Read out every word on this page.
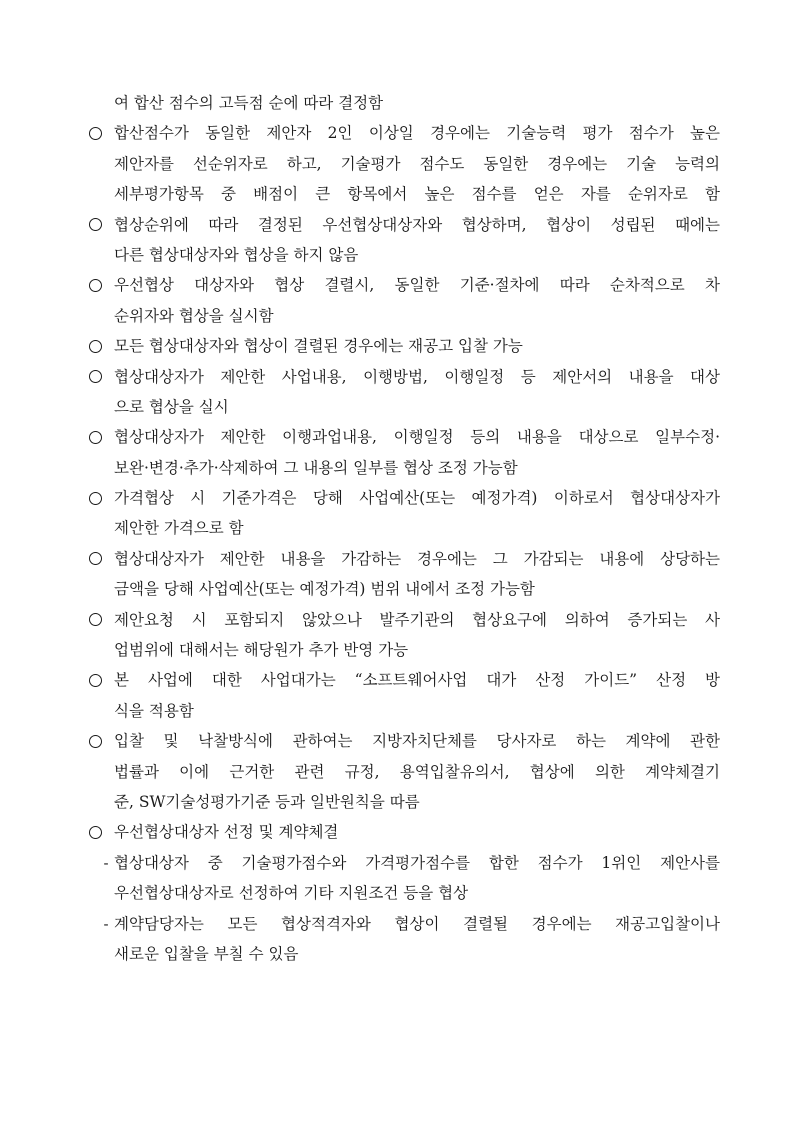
여 합산 점수의 고득점 순에 따라 결정함
합산점수가 동일한 제안자 2인 이상일 경우에는 기술능력 평가 점수가 높은
제안자를 선순위자로 하고, 기술평가 점수도 동일한 경우에는 기술 능력의
세부평가항목 중 배점이 큰 항목에서 높은 점수를 얻은 자를 순위자로 함
협상순위에 따라 결정된 우선협상대상자와 협상하며, 협상이 성립된 때에는
다른 협상대상자와 협상을 하지 않음
우선협상 대상자와 협상 결렬시, 동일한 기준·절차에 따라 순차적으로 차
순위자와 협상을 실시함
모든 협상대상자와 협상이 결렬된 경우에는 재공고 입찰 가능
협상대상자가 제안한 사업내용, 이행방법, 이행일정 등 제안서의 내용을 대상
으로 협상을 실시
협상대상자가 제안한 이행과업내용, 이행일정 등의 내용을 대상으로 일부수정·
보완·변경·추가·삭제하여 그 내용의 일부를 협상 조정 가능함
가격협상 시 기준가격은 당해 사업예산(또는 예정가격) 이하로서 협상대상자가
제안한 가격으로 함
협상대상자가 제안한 내용을 가감하는 경우에는 그 가감되는 내용에 상당하는
금액을 당해 사업예산(또는 예정가격) 범위 내에서 조정 가능함
제안요청 시 포함되지 않았으나 발주기관의 협상요구에 의하여 증가되는 사
업범위에 대해서는 해당원가 추가 반영 가능
본 사업에 대한 사업대가는 “소프트웨어사업 대가 산정 가이드” 산정 방
식을 적용함
입찰 및 낙찰방식에 관하여는 지방자치단체를 당사자로 하는 계약에 관한
법률과 이에 근거한 관련 규정, 용역입찰유의서, 협상에 의한 계약체결기
준, SW기술성평가기준 등과 일반원칙을 따름
우선협상대상자 선정 및 계약체결
- 협상대상자 중 기술평가점수와 가격평가점수를 합한 점수가 1위인 제안사를
우선협상대상자로 선정하여 기타 지원조건 등을 협상
- 계약담당자는 모든 협상적격자와 협상이 결렬될 경우에는 재공고입찰이나
새로운 입찰을 부칠 수 있음
